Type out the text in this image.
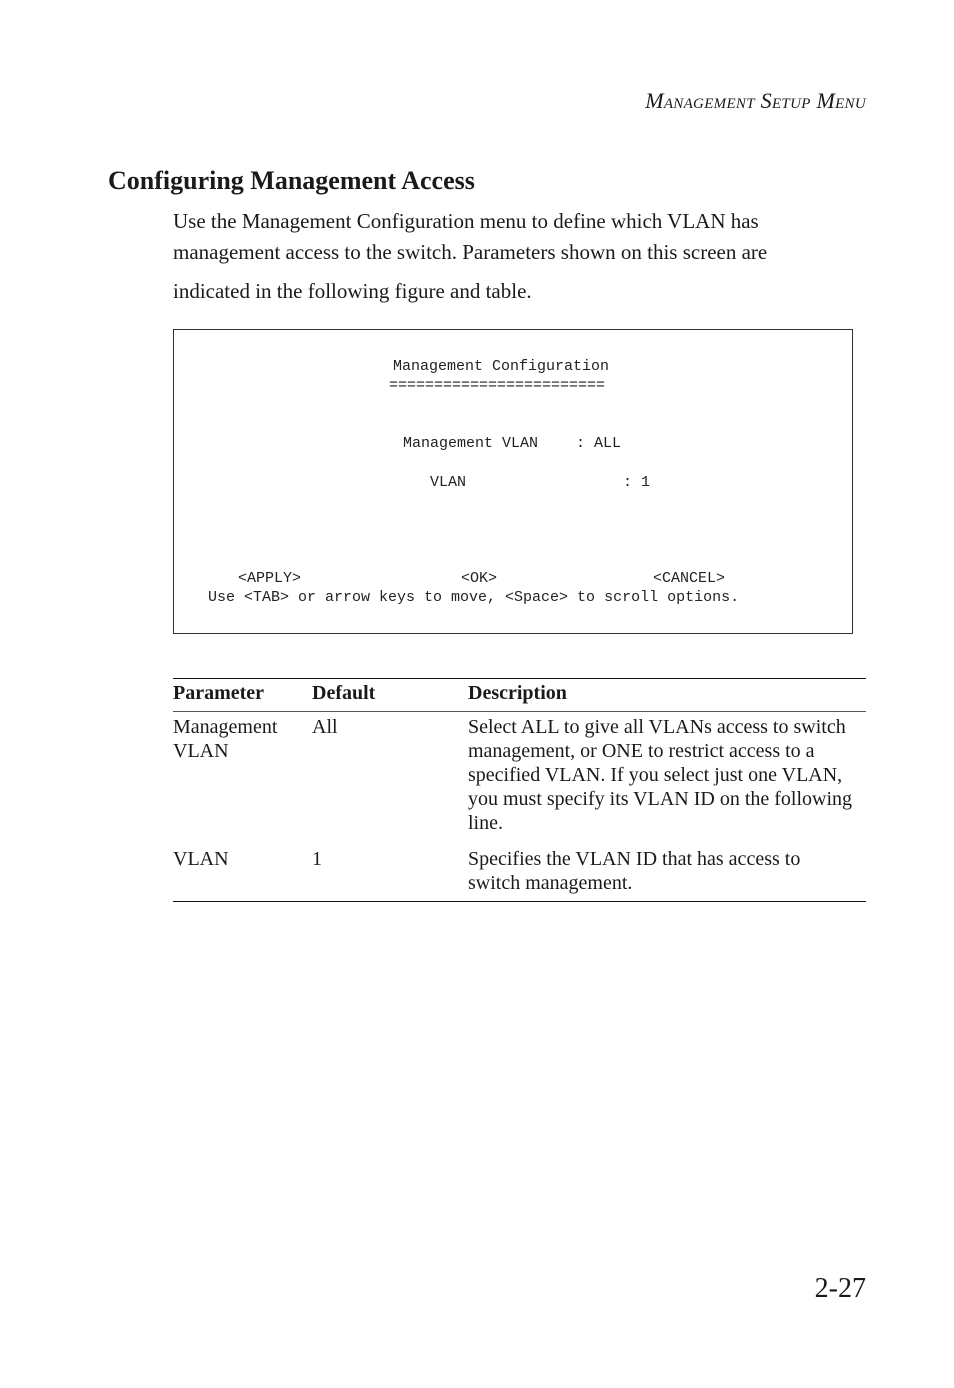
Management Setup Menu
Configuring Management Access

Use the Management Configuration menu to define which VLAN has
management access to the switch. Parameters shown on this screen are

indicated in the following figure and table.

Management Configuration
========================
Management VLAN	: ALL
VLAN	: 1
<APPLY>	<OK>	<CANCEL>
Use <TAB> or arrow keys to move, <Space> to scroll options.
Parameter	Default	Description
Management
VLAN	All	Select ALL to give all VLANs access to switch
management, or ONE to restrict access to a
specified VLAN. If you select just one VLAN,
you must specify its VLAN ID on the following
line.
VLAN	1	Specifies the VLAN ID that has access to
switch management.
2-27
